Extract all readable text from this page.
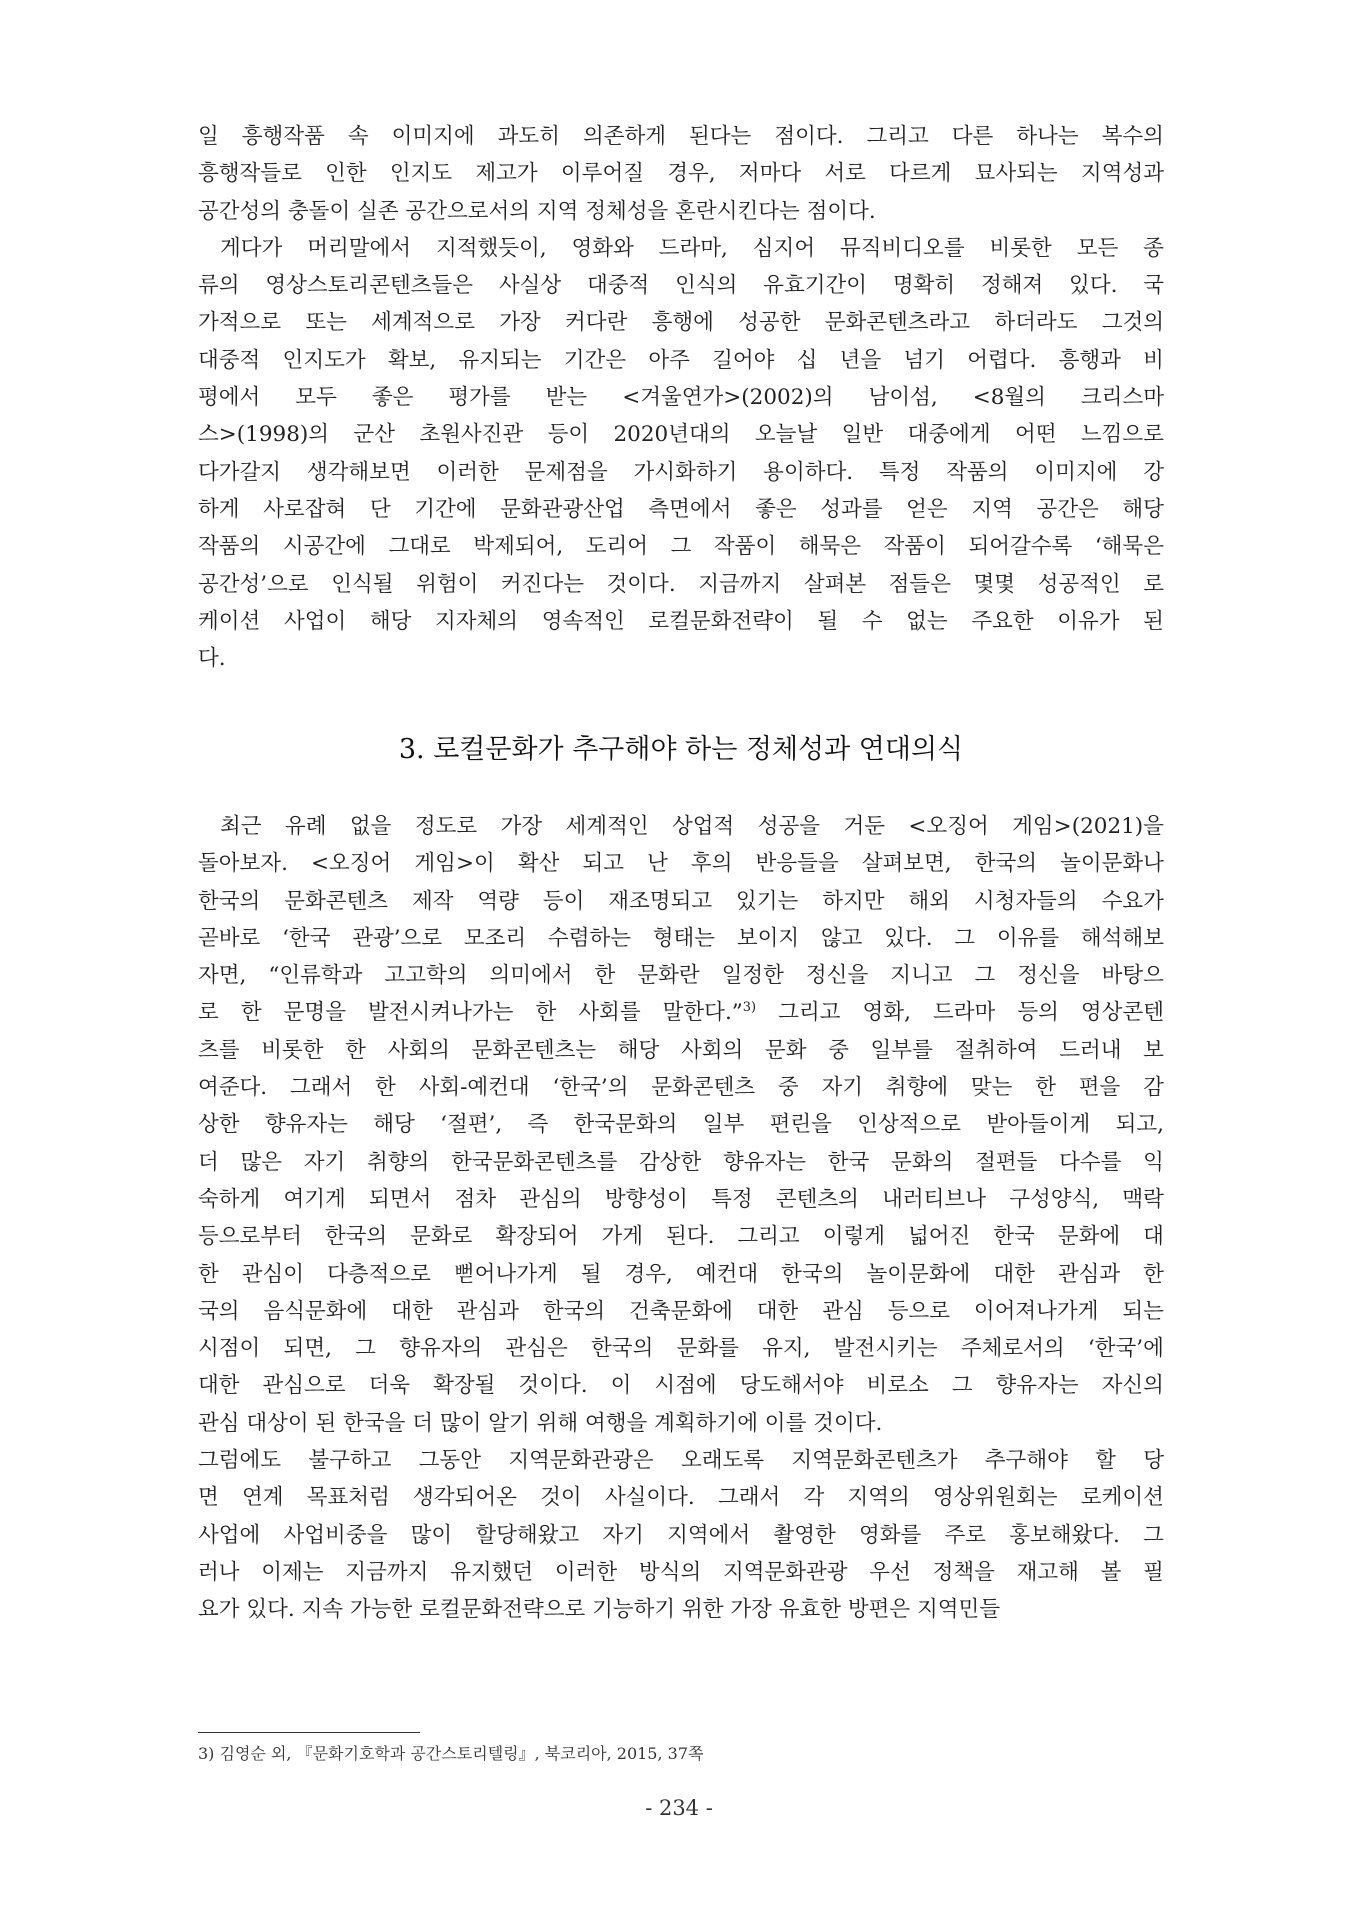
일 흥행작품 속 이미지에 과도히 의존하게 된다는 점이다. 그리고 다른 하나는 복수의
흥행작들로 인한 인지도 제고가 이루어질 경우, 저마다 서로 다르게 묘사되는 지역성과
공간성의 충돌이 실존 공간으로서의 지역 정체성을 혼란시킨다는 점이다.
게다가 머리말에서 지적했듯이, 영화와 드라마, 심지어 뮤직비디오를 비롯한 모든 종
류의 영상스토리콘텐츠들은 사실상 대중적 인식의 유효기간이 명확히 정해져 있다. 국
가적으로 또는 세계적으로 가장 커다란 흥행에 성공한 문화콘텐츠라고 하더라도 그것의
대중적 인지도가 확보, 유지되는 기간은 아주 길어야 십 년을 넘기 어렵다. 흥행과 비
평에서 모두 좋은 평가를 받는 <겨울연가>(2002)의 남이섬, <8월의 크리스마
스>(1998)의 군산 초원사진관 등이 2020년대의 오늘날 일반 대중에게 어떤 느낌으로
다가갈지 생각해보면 이러한 문제점을 가시화하기 용이하다. 특정 작품의 이미지에 강
하게 사로잡혀 단 기간에 문화관광산업 측면에서 좋은 성과를 얻은 지역 공간은 해당
작품의 시공간에 그대로 박제되어, 도리어 그 작품이 해묵은 작품이 되어갈수록 ‘해묵은
공간성’으로 인식될 위험이 커진다는 것이다. 지금까지 살펴본 점들은 몇몇 성공적인 로
케이션 사업이 해당 지자체의 영속적인 로컬문화전략이 될 수 없는 주요한 이유가 된
다.
3. 로컬문화가 추구해야 하는 정체성과 연대의식
최근 유례 없을 정도로 가장 세계적인 상업적 성공을 거둔 <오징어 게임>(2021)을
돌아보자. <오징어 게임>이 확산 되고 난 후의 반응들을 살펴보면, 한국의 놀이문화나
한국의 문화콘텐츠 제작 역량 등이 재조명되고 있기는 하지만 해외 시청자들의 수요가
곧바로 ‘한국 관광’으로 모조리 수렴하는 형태는 보이지 않고 있다. 그 이유를 해석해보
자면, “인류학과 고고학의 의미에서 한 문화란 일정한 정신을 지니고 그 정신을 바탕으
로 한 문명을 발전시켜나가는 한 사회를 말한다.”$^{3)}$ 그리고 영화, 드라마 등의 영상콘텐
츠를 비롯한 한 사회의 문화콘텐츠는 해당 사회의 문화 중 일부를 절취하여 드러내 보
여준다. 그래서 한 사회-예컨대 ‘한국’의 문화콘텐츠 중 자기 취향에 맞는 한 편을 감
상한 향유자는 해당 ‘절편’, 즉 한국문화의 일부 편린을 인상적으로 받아들이게 되고,
더 많은 자기 취향의 한국문화콘텐츠를 감상한 향유자는 한국 문화의 절편들 다수를 익
숙하게 여기게 되면서 점차 관심의 방향성이 특정 콘텐츠의 내러티브나 구성양식, 맥락
등으로부터 한국의 문화로 확장되어 가게 된다. 그리고 이렇게 넓어진 한국 문화에 대
한 관심이 다층적으로 뻗어나가게 될 경우, 예컨대 한국의 놀이문화에 대한 관심과 한
국의 음식문화에 대한 관심과 한국의 건축문화에 대한 관심 등으로 이어져나가게 되는
시점이 되면, 그 향유자의 관심은 한국의 문화를 유지, 발전시키는 주체로서의 ‘한국’에
대한 관심으로 더욱 확장될 것이다. 이 시점에 당도해서야 비로소 그 향유자는 자신의
관심 대상이 된 한국을 더 많이 알기 위해 여행을 계획하기에 이를 것이다.
그럼에도 불구하고 그동안 지역문화관광은 오래도록 지역문화콘텐츠가 추구해야 할 당
면 연계 목표처럼 생각되어온 것이 사실이다. 그래서 각 지역의 영상위원회는 로케이션
사업에 사업비중을 많이 할당해왔고 자기 지역에서 촬영한 영화를 주로 홍보해왔다. 그
러나 이제는 지금까지 유지했던 이러한 방식의 지역문화관광 우선 정책을 재고해 볼 필
요가 있다. 지속 가능한 로컬문화전략으로 기능하기 위한 가장 유효한 방편은 지역민들
3) 김영순 외, 『문화기호학과 공간스토리텔링』, 북코리아, 2015, 37쪽
- 234 -
